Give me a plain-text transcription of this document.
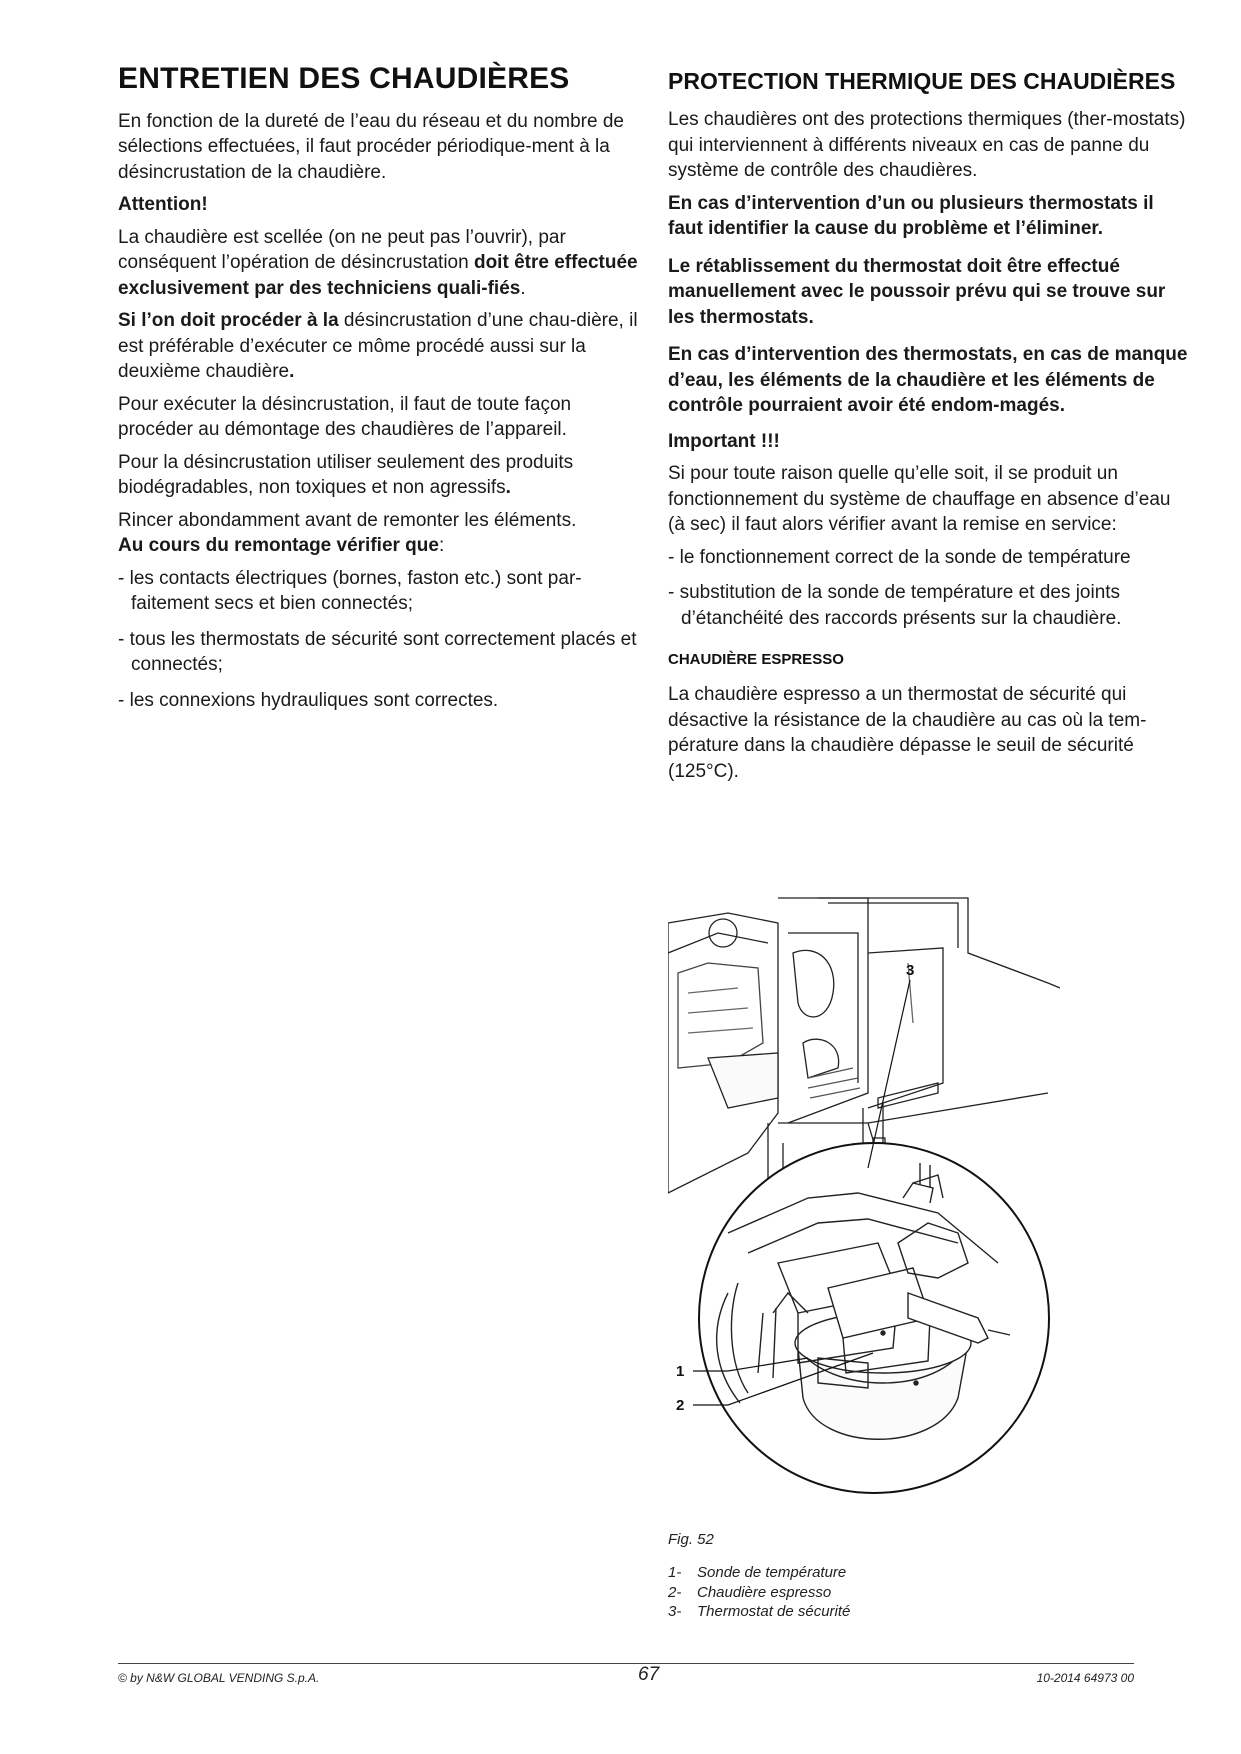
ENTRETIEN DES CHAUDIÈRES

En fonction de la dureté de l’eau du réseau et du nombre de sélections effectuées, il faut procéder périodique-ment à la désincrustation de la chaudière.

Attention!

La chaudière est scellée (on ne peut pas l’ouvrir), par conséquent l’opération de désincrustation doit être effectuée exclusivement par des techniciens quali-fiés.

Si l’on doit procéder à la désincrustation d’une chau-dière, il est préférable d’exécuter ce môme procédé aussi sur la deuxième chaudière.

Pour exécuter la désincrustation, il faut de toute façon procéder au démontage des chaudières de l’appareil.

Pour la désincrustation utiliser seulement des produits biodégradables, non toxiques et non agressifs.

Rincer abondamment avant de remonter les éléments.

Au cours du remontage vérifier que:

- les contacts électriques (bornes, faston etc.) sont par-faitement secs et bien connectés;
- tous les thermostats de sécurité sont correctement placés et connectés;
- les connexions hydrauliques sont correctes.
PROTECTION THERMIQUE DES CHAUDIÈRES

Les chaudières ont des protections thermiques (ther-mostats) qui interviennent à différents niveaux en cas de panne du système de contrôle des chaudières.

En cas d’intervention d’un ou plusieurs thermostats il faut identifier la cause du problème et l’éliminer.

Le rétablissement du thermostat doit être effectué manuellement avec le poussoir prévu qui se trouve sur les thermostats.

En cas d’intervention des thermostats, en cas de manque d’eau, les éléments de la chaudière et les éléments de contrôle pourraient avoir été endom-magés.

Important !!!

Si pour toute raison quelle qu’elle soit, il se produit un fonctionnement du système de chauffage en absence d’eau (à sec) il faut alors vérifier avant la remise en service:

- le fonctionnement correct de la sonde de température
- substitution de la sonde de température et des joints d’étanchéité des raccords présents sur la chaudière.
CHAUDIÈRE ESPRESSO

La chaudière espresso a un thermostat de sécurité qui désactive la résistance de la chaudière au cas où la tem-pérature dans la chaudière dépasse le seuil de sécurité (125°C).

3
1
2
Fig. 52
1- Sonde de température
2- Chaudière espresso
3- Thermostat de sécurité
© by N&W GLOBAL VENDING S.p.A.	67	10-2014 64973 00
